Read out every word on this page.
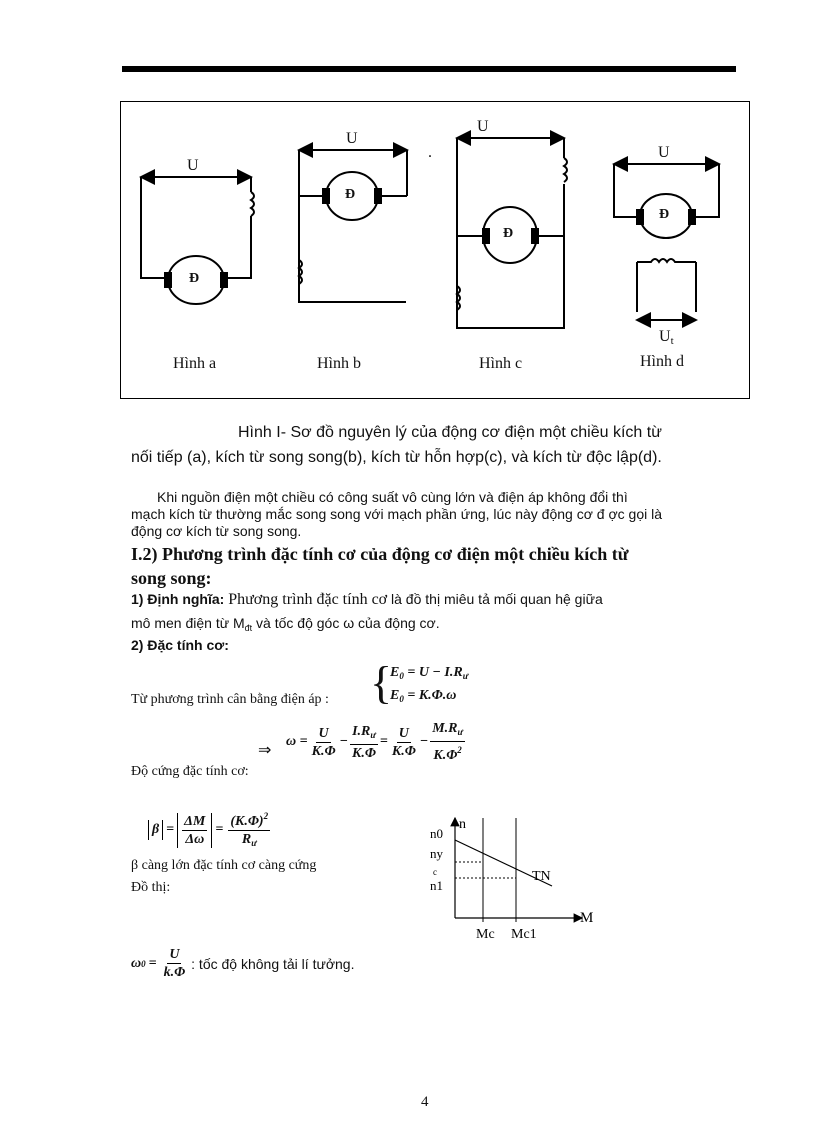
U
Đ
U
Đ
.
U
Đ
U
Đ
$U_t$
Hình a	Hình b	Hình c	Hình d
Hình I- Sơ đồ nguyên lý của động cơ điện một chiều kích từ
nối tiếp (a), kích từ song song(b), kích từ hỗn hợp(c), và kích từ độc lập(d).
Khi nguồn điện một chiều có công suất vô cùng lớn và điện áp không đổi thì
mạch kích từ thường mắc song song với mạch phần ứng, lúc này động cơ đ ợc gọi là
động cơ kích từ song song.
I.2) Phương trình đặc tính cơ của động cơ điện một chiều kích từ
song song:
1) Định nghĩa: Phương trình đặc tính cơ là đồ thị miêu tả mối quan hệ giữa
mô men điện từ $M_{đt}$ và tốc độ góc ω của động cơ.
2) Đặc tính cơ:
Từ phương trình cân bằng điện áp : {
$E_0 = U - I.R_ư$
$E_0 = K.\Phi.\omega$
⇒
$\omega = \frac{U}{K.\Phi} - \frac{I.R_ư}{K.\Phi} = \frac{U}{K.\Phi} - \frac{M.R_ư}{K.\Phi^2}$
Độ cứng đặc tính cơ:
$\beta = \frac{\Delta M}{\Delta\omega} = \frac{(K.\Phi)^2}{R_ư}$
β càng lớn đặc tính cơ càng cứng
Đồ thị:
n
n0
ny
c
n1
TN
M
Mc Mc1
ω $0 = \frac{U}{k.\Phi}$ : tốc độ không tải lí tưởng.
4
